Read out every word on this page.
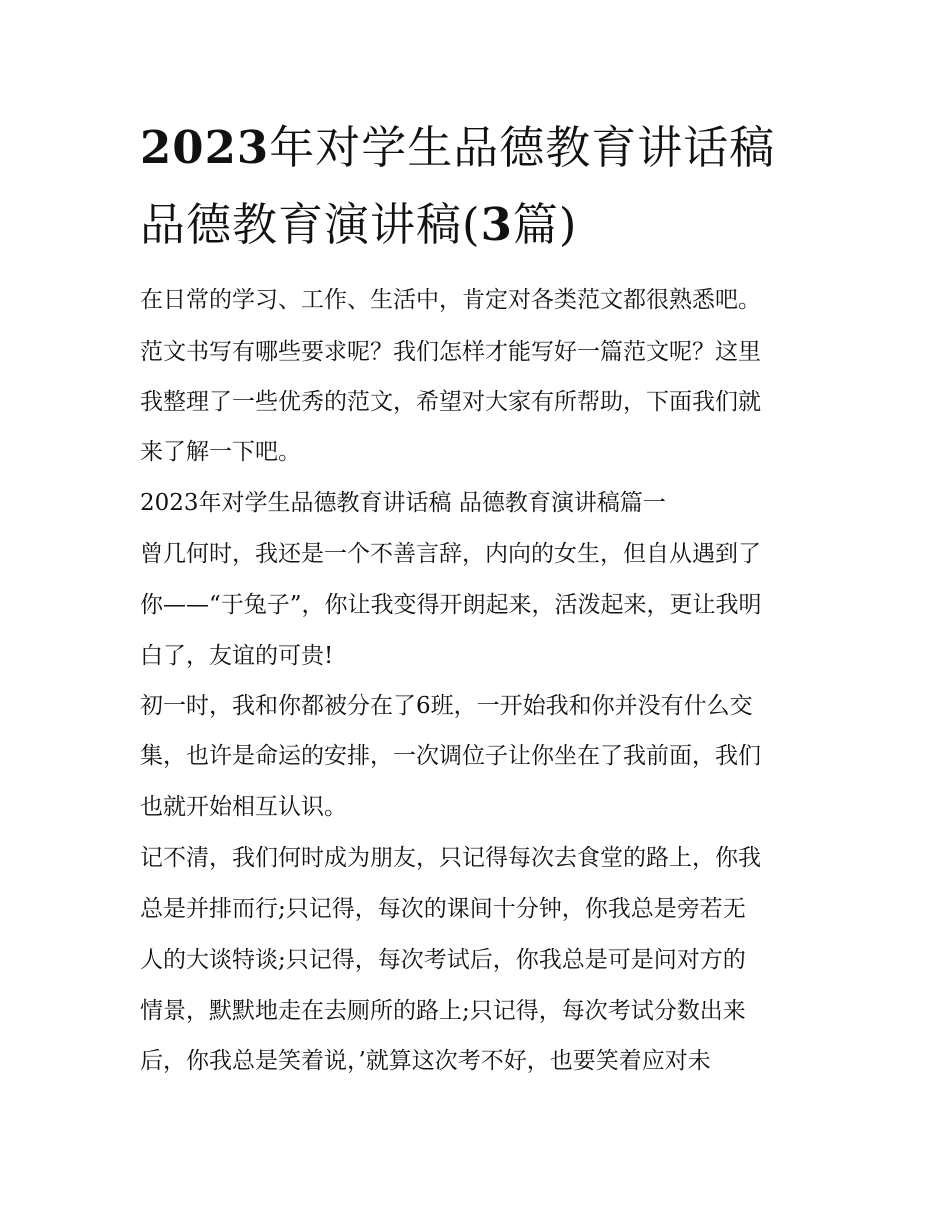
2023年对学生品德教育讲话稿
品德教育演讲稿(3篇)
在日常的学习、工作、生活中，肯定对各类范文都很熟悉吧。
范文书写有哪些要求呢？我们怎样才能写好一篇范文呢？这里
我整理了一些优秀的范文，希望对大家有所帮助，下面我们就
来了解一下吧。
2023年对学生品德教育讲话稿 品德教育演讲稿篇一
曾几何时，我还是一个不善言辞，内向的女生，但自从遇到了
你——“于兔子”，你让我变得开朗起来，活泼起来，更让我明
白了，友谊的可贵!
初一时，我和你都被分在了6班，一开始我和你并没有什么交
集，也许是命运的安排，一次调位子让你坐在了我前面，我们
也就开始相互认识。
记不清，我们何时成为朋友，只记得每次去食堂的路上，你我
总是并排而行;只记得，每次的课间十分钟，你我总是旁若无
人的大谈特谈;只记得，每次考试后，你我总是可是问对方的
情景，默默地走在去厕所的路上;只记得，每次考试分数出来
后，你我总是笑着说，’就算这次考不好，也要笑着应对未
